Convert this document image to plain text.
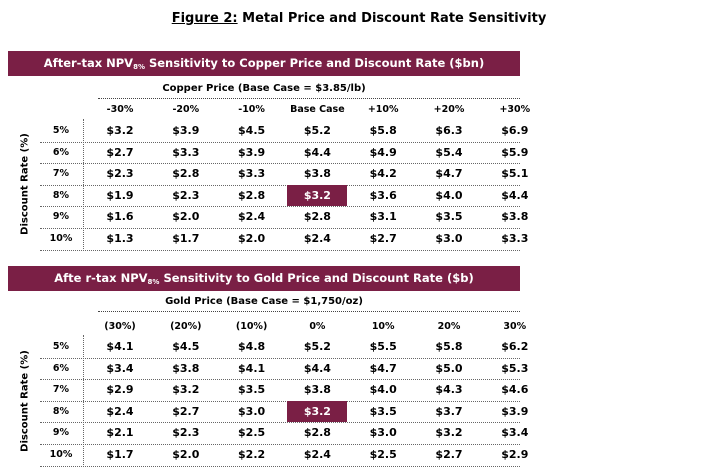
Figure 2: Metal Price and Discount Rate Sensitivity
After-tax $NPV_{8\%}$ Sensitivity to Copper Price and Discount Rate ($bn)
Copper Price (Base Case = $3.85/lb)
Discount Rate (%)
-30%	-20%	-10%	Base Case	+10%	+20%	+30%
5%	$3.2	$3.9	$4.5	$5.2	$5.8	$6.3	$6.9
6%	$2.7	$3.3	$3.9	$4.4	$4.9	$5.4	$5.9
7%	$2.3	$2.8	$3.3	$3.8	$4.2	$4.7	$5.1
8%	$1.9	$2.3	$2.8	$3.2	$3.6	$4.0	$4.4
9%	$1.6	$2.0	$2.4	$2.8	$3.1	$3.5	$3.8
10%	$1.3	$1.7	$2.0	$2.4	$2.7	$3.0	$3.3
Afte r-tax $NPV_{8\%}$ Sensitivity to Gold Price and Discount Rate ($b)
Gold Price (Base Case = $1,750/oz)
Discount Rate (%)
(30%)	(20%)	(10%)	0%	10%	20%	30%
5%	$4.1	$4.5	$4.8	$5.2	$5.5	$5.8	$6.2
6%	$3.4	$3.8	$4.1	$4.4	$4.7	$5.0	$5.3
7%	$2.9	$3.2	$3.5	$3.8	$4.0	$4.3	$4.6
8%	$2.4	$2.7	$3.0	$3.2	$3.5	$3.7	$3.9
9%	$2.1	$2.3	$2.5	$2.8	$3.0	$3.2	$3.4
10%	$1.7	$2.0	$2.2	$2.4	$2.5	$2.7	$2.9
